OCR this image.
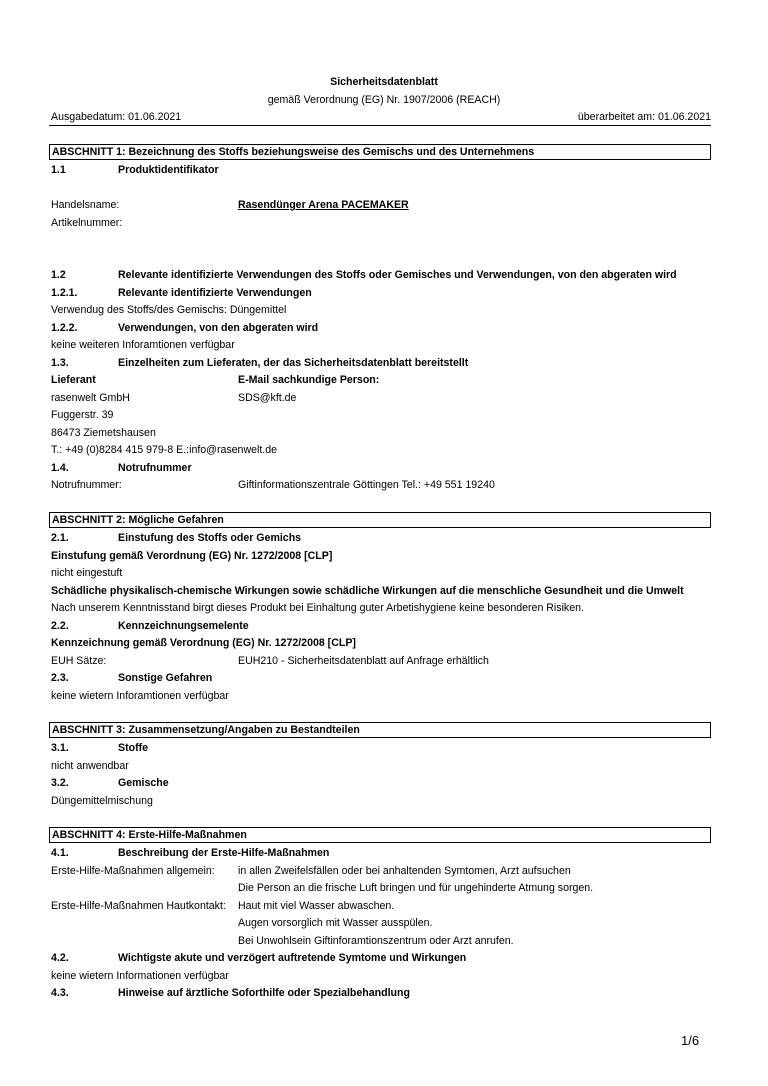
Sicherheitsdatenblatt
gemäß Verordnung (EG) Nr. 1907/2006 (REACH)
Ausgabedatum: 01.06.2021	überarbeitet am: 01.06.2021
ABSCHNITT 1: Bezeichnung des Stoffs beziehungsweise des Gemischs und des Unternehmens
1.1	Produktidentifikator
Handelsname:	Rasendünger Arena PACEMAKER
Artikelnummer:
1.2	Relevante identifizierte Verwendungen des Stoffs oder Gemisches und Verwendungen, von den abgeraten wird
1.2.1.	Relevante identifizierte Verwendungen
Verwendug des Stoffs/des Gemischs: Düngemittel
1.2.2.	Verwendungen, von den abgeraten wird
keine weiteren Inforamtionen verfügbar
1.3.	Einzelheiten zum Lieferaten, der das Sicherheitsdatenblatt bereitstellt
Lieferant	E-Mail sachkundige Person:
rasenwelt GmbH	SDS@kft.de
Fuggerstr. 39
86473 Ziemetshausen
T.: +49 (0)8284 415 979-8 E.:info@rasenwelt.de
1.4.	Notrufnummer
Notrufnummer:	Giftinformationszentrale Göttingen Tel.: +49 551 19240
ABSCHNITT 2: Mögliche Gefahren
2.1.	Einstufung des Stoffs oder Gemichs
Einstufung gemäß Verordnung (EG) Nr. 1272/2008 [CLP]
nicht eingestuft
Schädliche physikalisch-chemische Wirkungen sowie schädliche Wirkungen auf die menschliche Gesundheit und die Umwelt
Nach unserem Kenntnisstand birgt dieses Produkt bei Einhaltung guter Arbetishygiene keine besonderen Risiken.
2.2.	Kennzeichnungsemelente
Kennzeichnung gemäß Verordnung (EG) Nr. 1272/2008 [CLP]
EUH Sätze:	EUH210 - Sicherheitsdatenblatt auf Anfrage erhältlich
2.3.	Sonstige Gefahren
keine wietern Inforamtionen verfügbar
ABSCHNITT 3: Zusammensetzung/Angaben zu Bestandteilen
3.1.	Stoffe
nicht anwendbar
3.2.	Gemische
Düngemittelmischung
ABSCHNITT 4: Erste-Hilfe-Maßnahmen
4.1.	Beschreibung der Erste-Hilfe-Maßnahmen
Erste-Hilfe-Maßnahmen allgemein: in allen Zweifelsfällen oder bei anhaltenden Symtomen, Arzt aufsuchen
Die Person an die frische Luft bringen und für ungehinderte Atmung sorgen.
Erste-Hilfe-Maßnahmen Hautkontakt: Haut mit viel Wasser abwaschen.
Augen vorsorglich mit Wasser ausspülen.
Bei Unwohlsein Giftinforamtionszentrum oder Arzt anrufen.
4.2.	Wichtigste akute und verzögert auftretende Symtome und Wirkungen
keine wietern Informationen verfügbar
4.3.	Hinweise auf ärztliche Soforthilfe oder Spezialbehandlung
1/6
